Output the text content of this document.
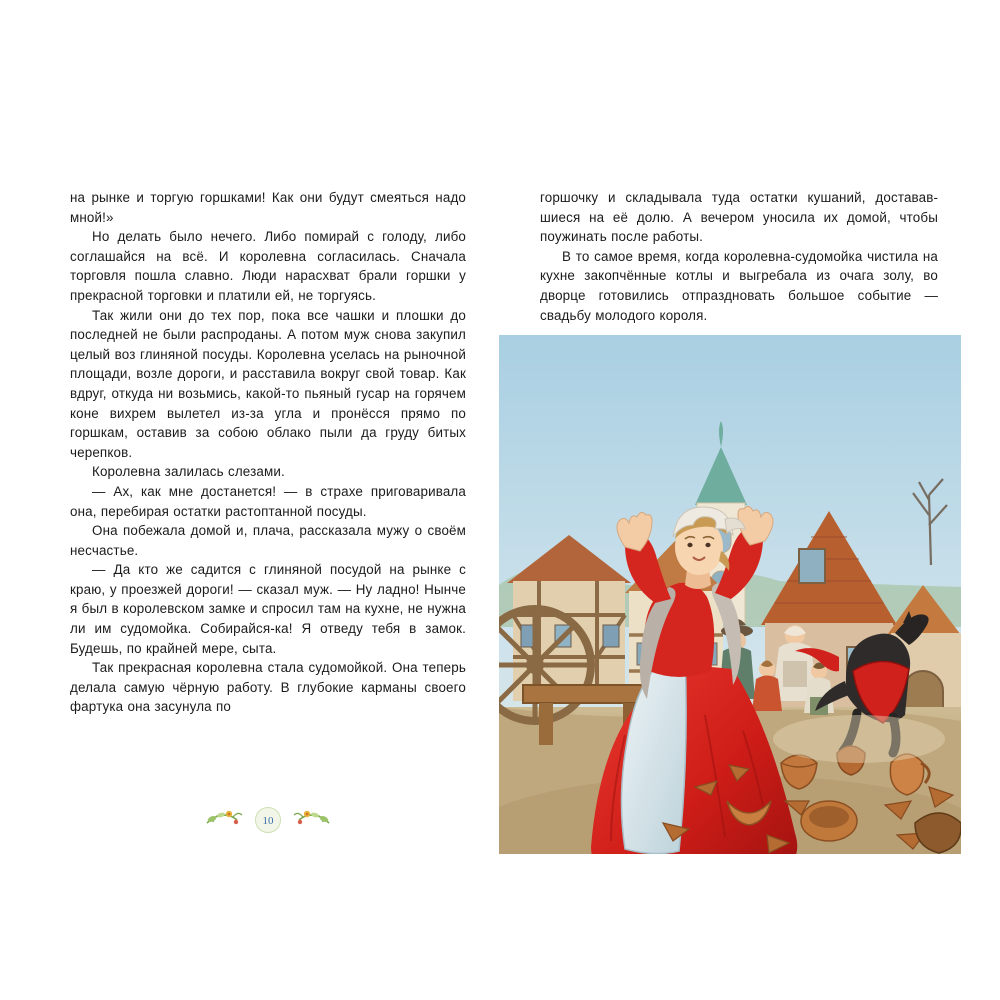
на рынке и торгую горшками! Как они будут смеяться надо мной!»

Но делать было нечего. Либо помирай с голоду, либо соглашайся на всё. И королевна согласилась. Сначала торговля пошла славно. Люди нарасхват брали горшки у прекрасной торговки и платили ей, не торгуясь.

Так жили они до тех пор, пока все чашки и плошки до последней не были распроданы. А потом муж снова закупил целый воз глиняной посуды. Королевна уселась на рыночной площади, возле дороги, и расставила вокруг свой товар. Как вдруг, откуда ни возьмись, какой-то пьяный гусар на горячем коне вихрем вылетел из-за угла и пронёсся прямо по горшкам, оставив за собою облако пыли да груду битых черепков.

Королевна залилась слезами.

— Ах, как мне достанется! — в страхе приговаривала она, перебирая остатки растоптанной посуды.

Она побежала домой и, плача, рассказала мужу о своём несчастье.

— Да кто же садится с глиняной посудой на рынке с краю, у проезжей дороги! — сказал муж. — Ну ладно! Нынче я был в королевском замке и спросил там на кухне, не нужна ли им судомойка. Собирайся-ка! Я отведу тебя в замок. Будешь, по крайней мере, сыта.

Так прекрасная королевна стала судомойкой. Она теперь делала самую чёрную работу. В глубокие карманы своего фартука она засунула по

10

горшочку и складывала туда остатки кушаний, достававшиеся на её долю. А вечером уносила их домой, чтобы поужинать после работы.

В то самое время, когда королевна-судомойка чистила на кухне закопчённые котлы и выгребала из очага золу, во дворце готовились отпраздновать большое событие — свадьбу молодого короля.
